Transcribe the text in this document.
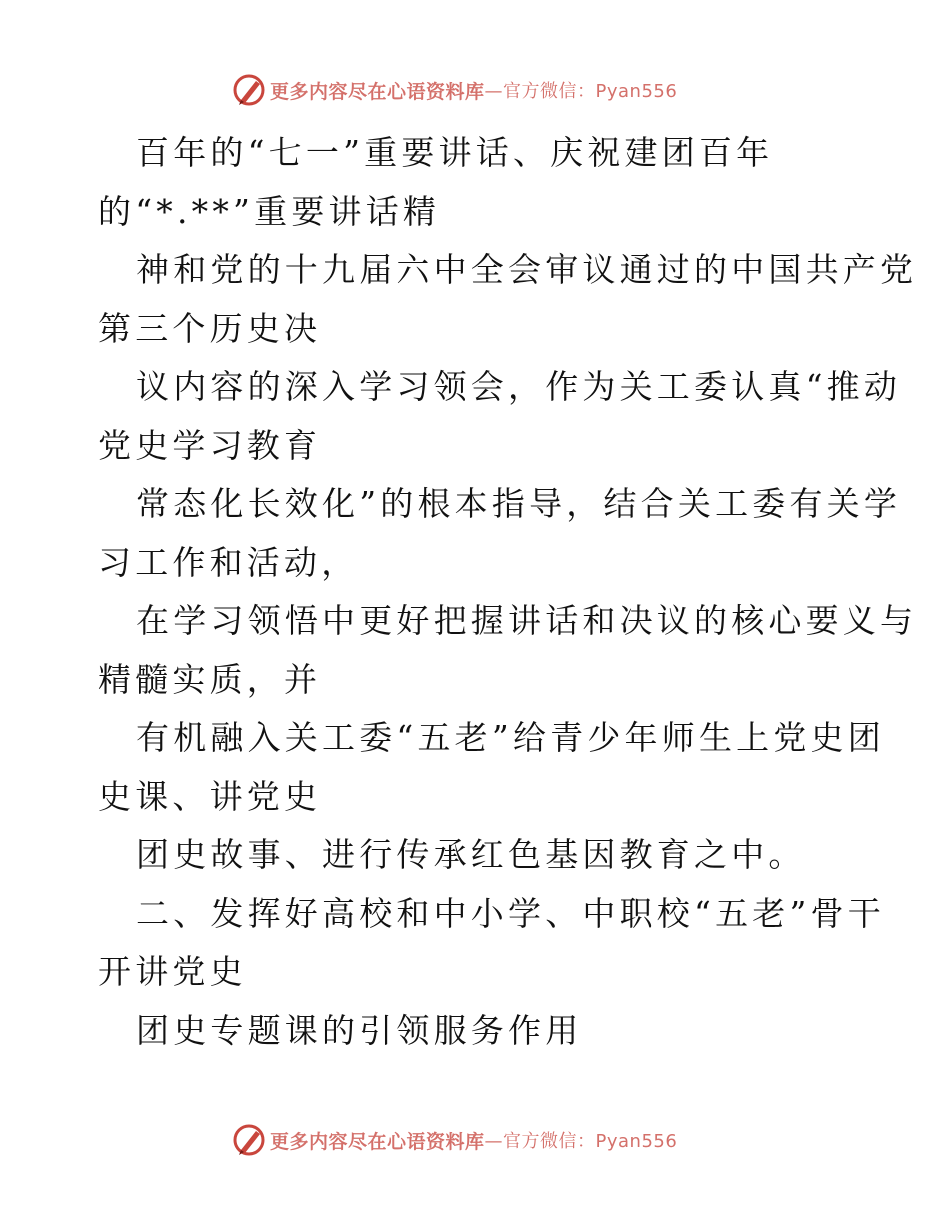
更多内容尽在心语资料库 —官方微信：Pyan556
百年的“七一”重要讲话、庆祝建团百年
的“*.**”重要讲话精
神和党的十九届六中全会审议通过的中国共产党
第三个历史决
议内容的深入学习领会，作为关工委认真“推动
党史学习教育
常态化长效化”的根本指导，结合关工委有关学
习工作和活动，
在学习领悟中更好把握讲话和决议的核心要义与
精髓实质，并
有机融入关工委“五老”给青少年师生上党史团
史课、讲党史
团史故事、进行传承红色基因教育之中。
二、发挥好高校和中小学、中职校“五老”骨干
开讲党史
团史专题课的引领服务作用
更多内容尽在心语资料库 —官方微信：Pyan556
